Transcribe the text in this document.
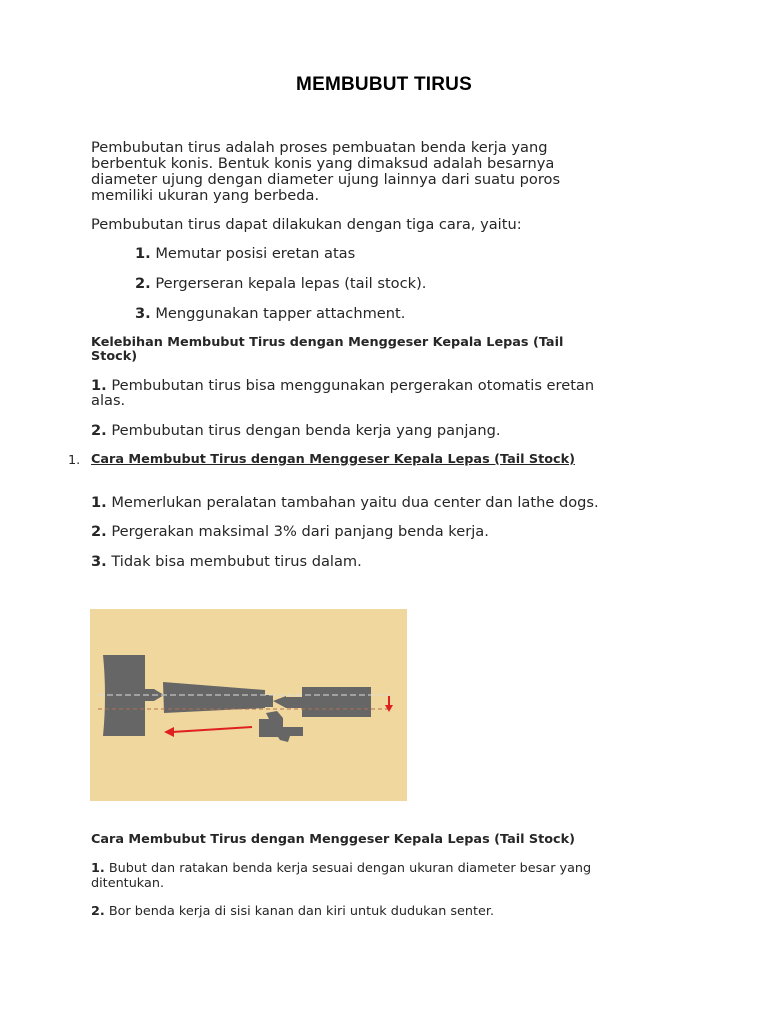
MEMBUBUT TIRUS
Pembubutan tirus adalah proses pembuatan benda kerja yang
berbentuk konis. Bentuk konis yang dimaksud adalah besarnya
diameter ujung dengan diameter ujung lainnya dari suatu poros
memiliki ukuran yang berbeda.
Pembubutan tirus dapat dilakukan dengan tiga cara, yaitu:
1. Memutar posisi eretan atas
2. Pergerseran kepala lepas (tail stock).
3. Menggunakan tapper attachment.
Kelebihan Membubut Tirus dengan Menggeser Kepala Lepas (Tail
Stock)
1. Pembubutan tirus bisa menggunakan pergerakan otomatis eretan
alas.
2. Pembubutan tirus dengan benda kerja yang panjang.
1. Cara Membubut Tirus dengan Menggeser Kepala Lepas (Tail Stock)
1. Memerlukan peralatan tambahan yaitu dua center dan lathe dogs.
2. Pergerakan maksimal 3% dari panjang benda kerja.
3. Tidak bisa membubut tirus dalam.
Cara Membubut Tirus dengan Menggeser Kepala Lepas (Tail Stock)
1. Bubut dan ratakan benda kerja sesuai dengan ukuran diameter besar yang
ditentukan.
2. Bor benda kerja di sisi kanan dan kiri untuk dudukan senter.
